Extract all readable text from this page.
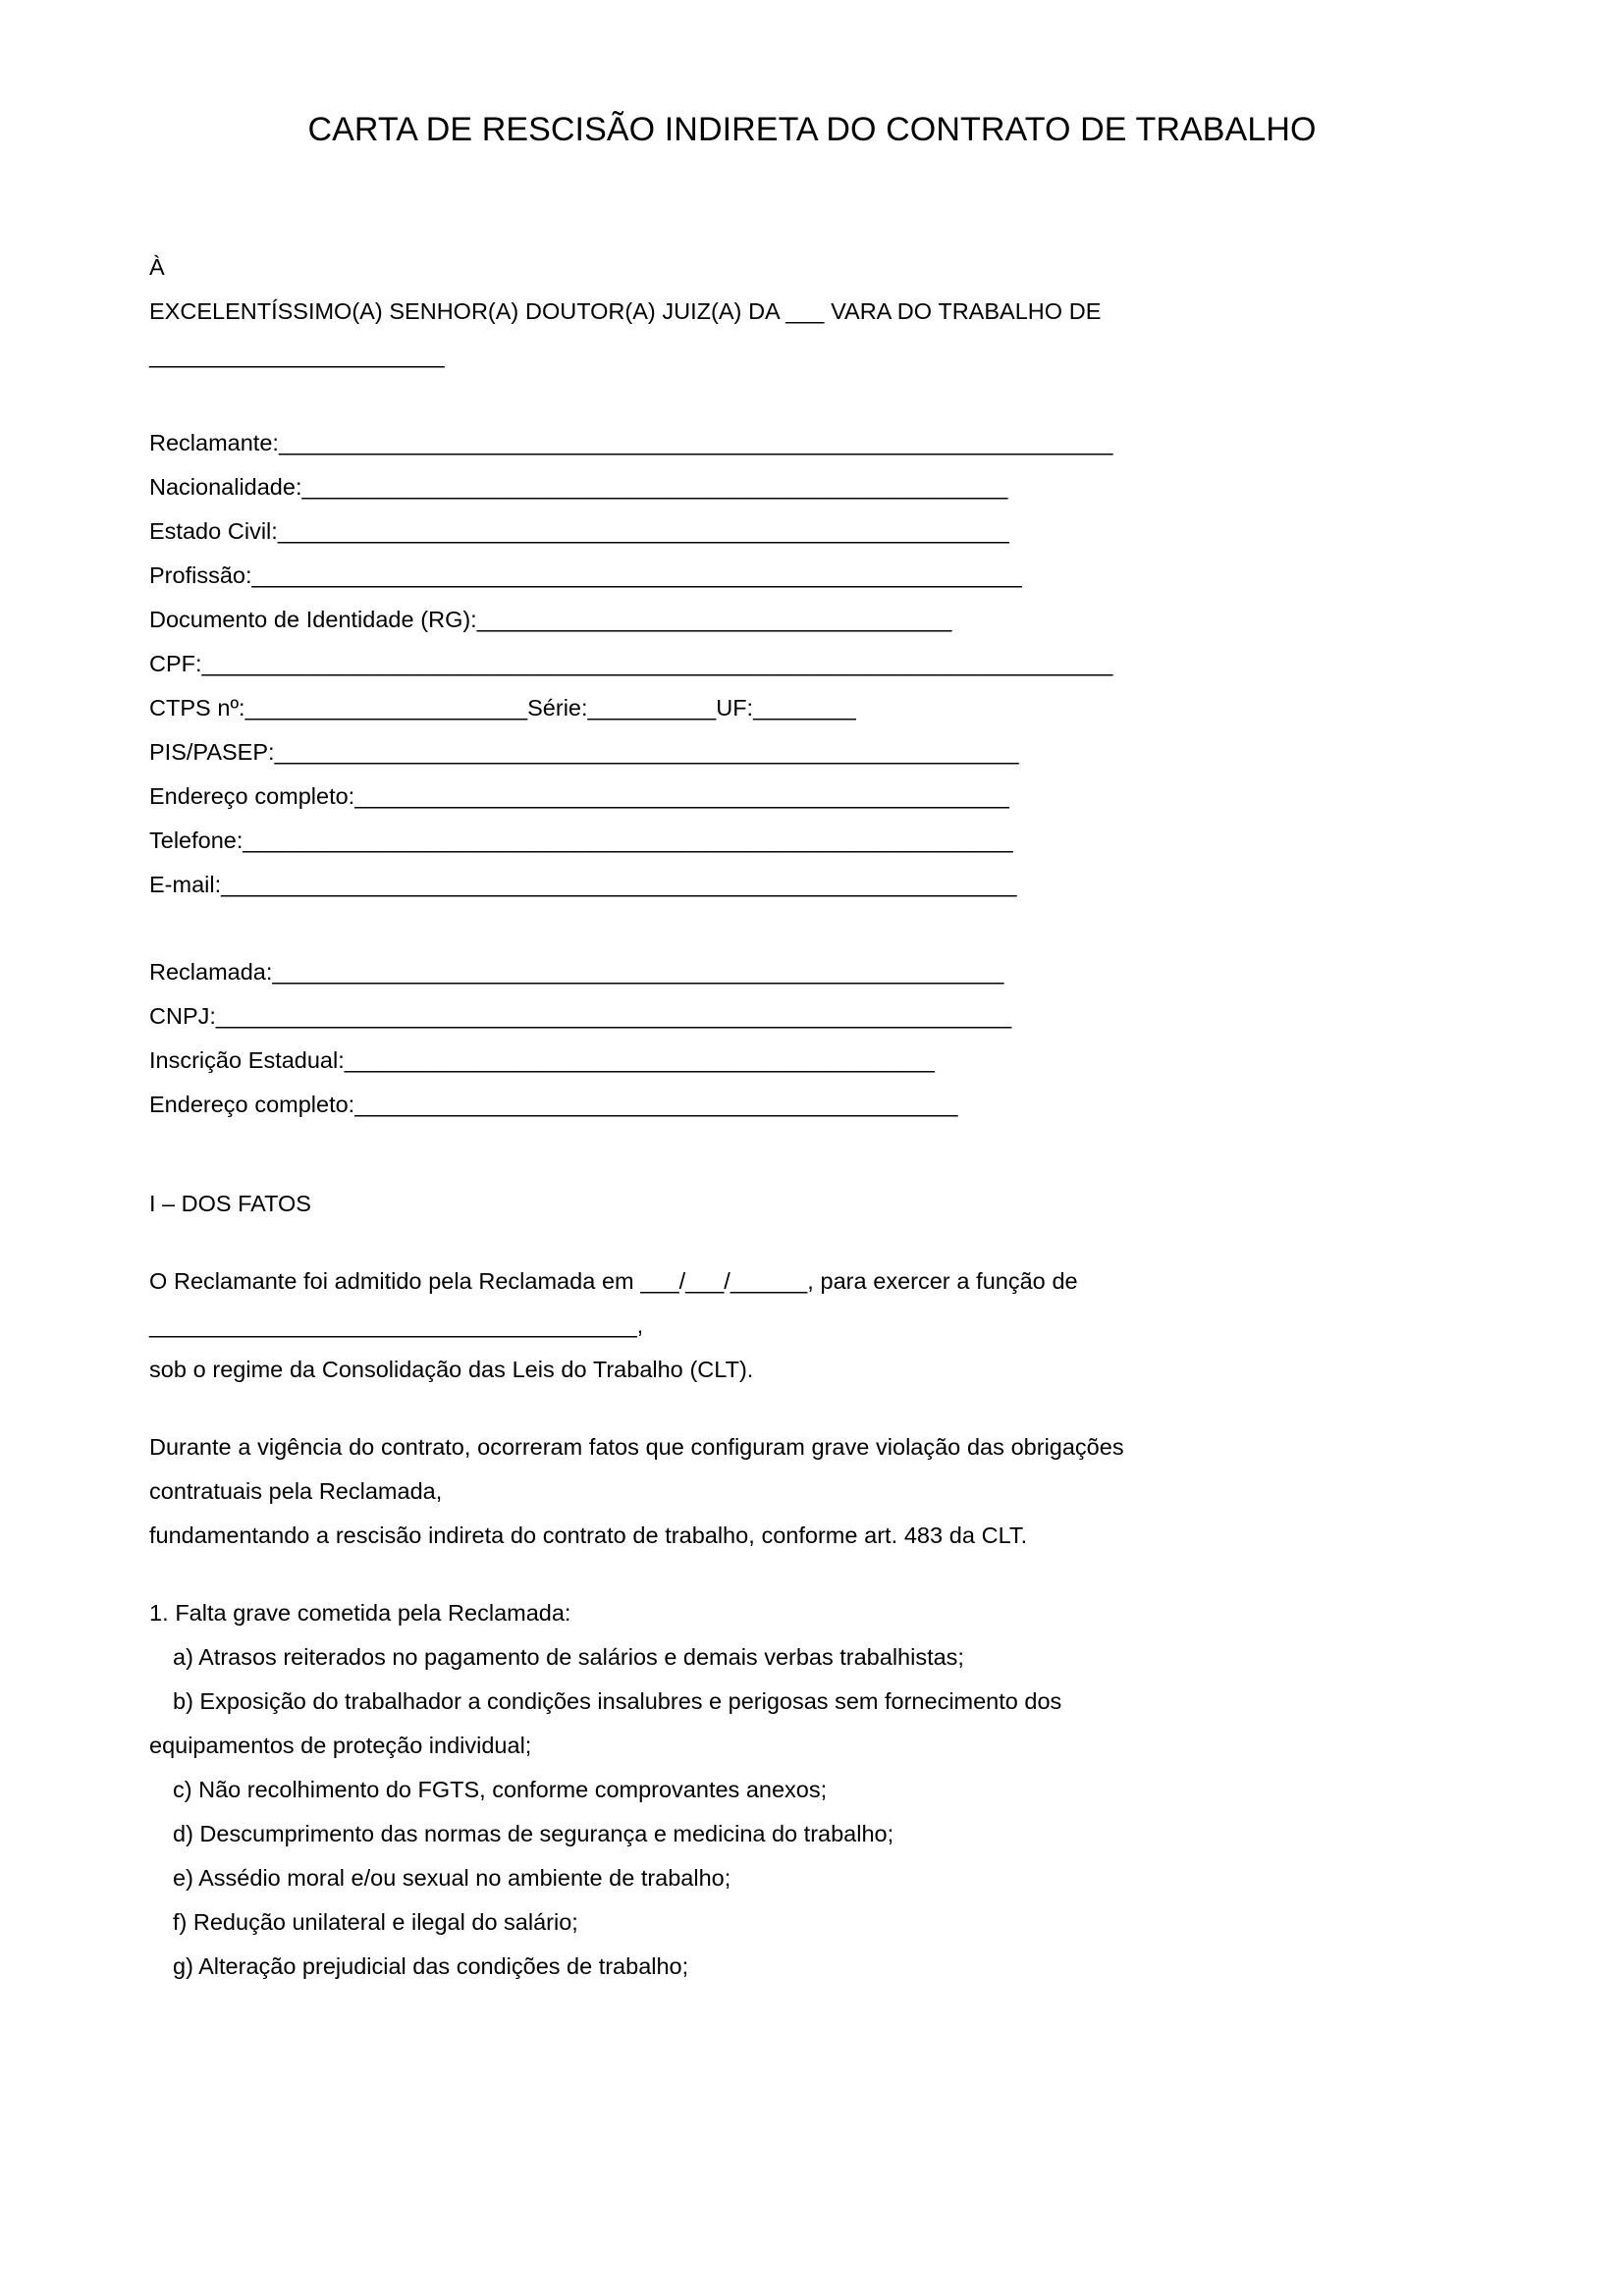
CARTA DE RESCISÃO INDIRETA DO CONTRATO DE TRABALHO
À
EXCELENTÍSSIMO(A) SENHOR(A) DOUTOR(A) JUIZ(A) DA ___ VARA DO TRABALHO DE
_______________________
Reclamante:_________________________________________________________________
Nacionalidade:_______________________________________________________
Estado Civil:_________________________________________________________
Profissão:____________________________________________________________
Documento de Identidade (RG):_____________________________________
CPF:_______________________________________________________________________
CTPS nº:______________________Série:__________UF:________
PIS/PASEP:__________________________________________________________
Endereço completo:___________________________________________________
Telefone:____________________________________________________________
E-mail:______________________________________________________________
Reclamada:_________________________________________________________
CNPJ:______________________________________________________________
Inscrição Estadual:______________________________________________
Endereço completo:_______________________________________________
I – DOS FATOS
O Reclamante foi admitido pela Reclamada em ___/___/______, para exercer a função de
______________________________________,
sob o regime da Consolidação das Leis do Trabalho (CLT).
Durante a vigência do contrato, ocorreram fatos que configuram grave violação das obrigações
contratuais pela Reclamada,
fundamentando a rescisão indireta do contrato de trabalho, conforme art. 483 da CLT.
1. Falta grave cometida pela Reclamada:
a) Atrasos reiterados no pagamento de salários e demais verbas trabalhistas;
b) Exposição do trabalhador a condições insalubres e perigosas sem fornecimento dos
equipamentos de proteção individual;
c) Não recolhimento do FGTS, conforme comprovantes anexos;
d) Descumprimento das normas de segurança e medicina do trabalho;
e) Assédio moral e/ou sexual no ambiente de trabalho;
f) Redução unilateral e ilegal do salário;
g) Alteração prejudicial das condições de trabalho;
